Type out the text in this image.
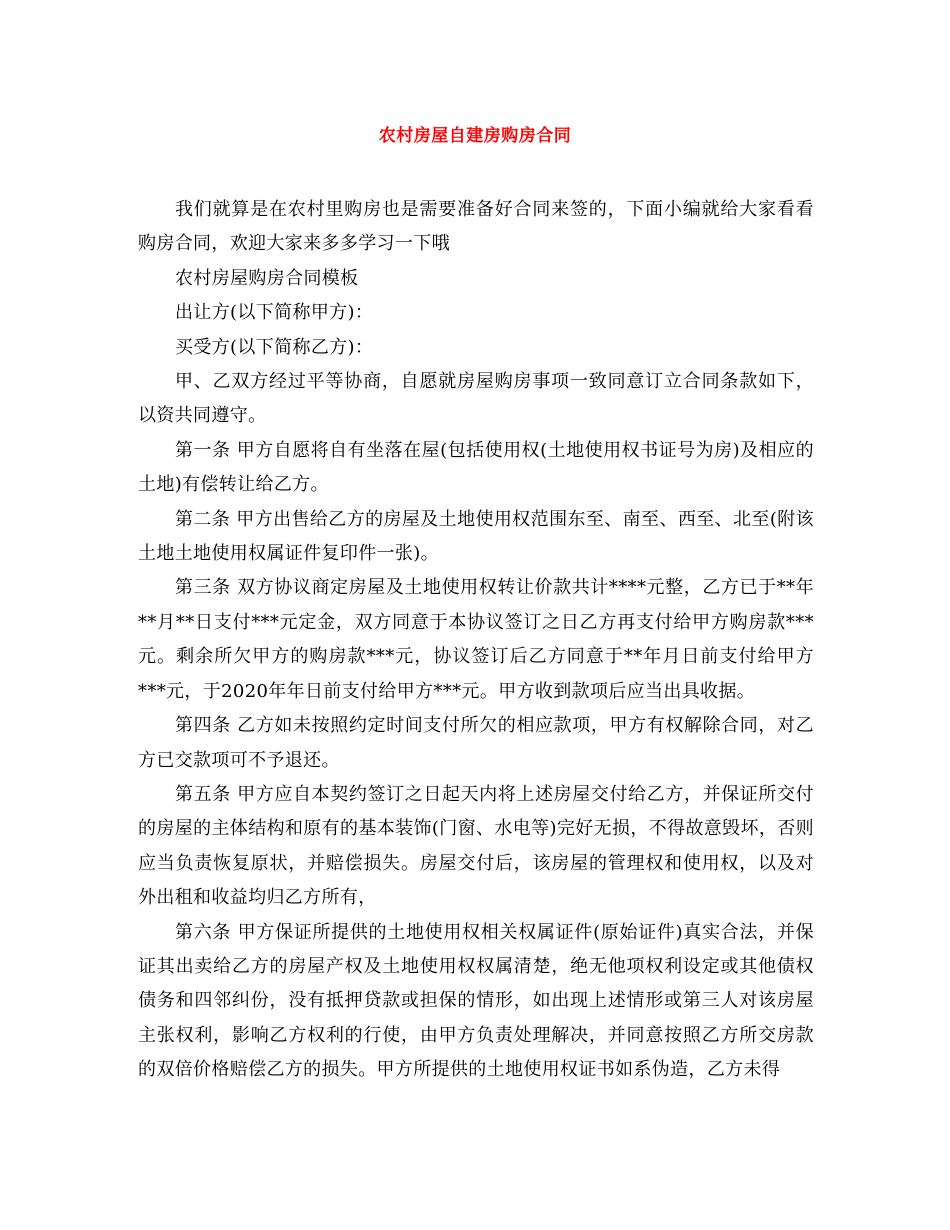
农村房屋自建房购房合同

我们就算是在农村里购房也是需要准备好合同来签的，下面小编就给大家看看购房合同，欢迎大家来多多学习一下哦

农村房屋购房合同模板

出让方(以下简称甲方)：

买受方(以下简称乙方)：

甲、乙双方经过平等协商，自愿就房屋购房事项一致同意订立合同条款如下，以资共同遵守。

第一条 甲方自愿将自有坐落在屋(包括使用权(土地使用权书证号为房)及相应的土地)有偿转让给乙方。

第二条 甲方出售给乙方的房屋及土地使用权范围东至、南至、西至、北至(附该土地土地使用权属证件复印件一张)。

第三条 双方协议商定房屋及土地使用权转让价款共计****元整，乙方已于**年**月**日支付***元定金，双方同意于本协议签订之日乙方再支付给甲方购房款***元。剩余所欠甲方的购房款***元，协议签订后乙方同意于**年月日前支付给甲方***元，于2020年年日前支付给甲方***元。甲方收到款项后应当出具收据。

第四条 乙方如未按照约定时间支付所欠的相应款项，甲方有权解除合同，对乙方已交款项可不予退还。

第五条 甲方应自本契约签订之日起天内将上述房屋交付给乙方，并保证所交付的房屋的主体结构和原有的基本装饰(门窗、水电等)完好无损，不得故意毁坏，否则应当负责恢复原状，并赔偿损失。房屋交付后，该房屋的管理权和使用权，以及对外出租和收益均归乙方所有，

第六条 甲方保证所提供的土地使用权相关权属证件(原始证件)真实合法，并保证其出卖给乙方的房屋产权及土地使用权权属清楚，绝无他项权利设定或其他债权债务和四邻纠份，没有抵押贷款或担保的情形，如出现上述情形或第三人对该房屋主张权利，影响乙方权利的行使，由甲方负责处理解决，并同意按照乙方所交房款的双倍价格赔偿乙方的损失。甲方所提供的土地使用权证书如系伪造，乙方未得
